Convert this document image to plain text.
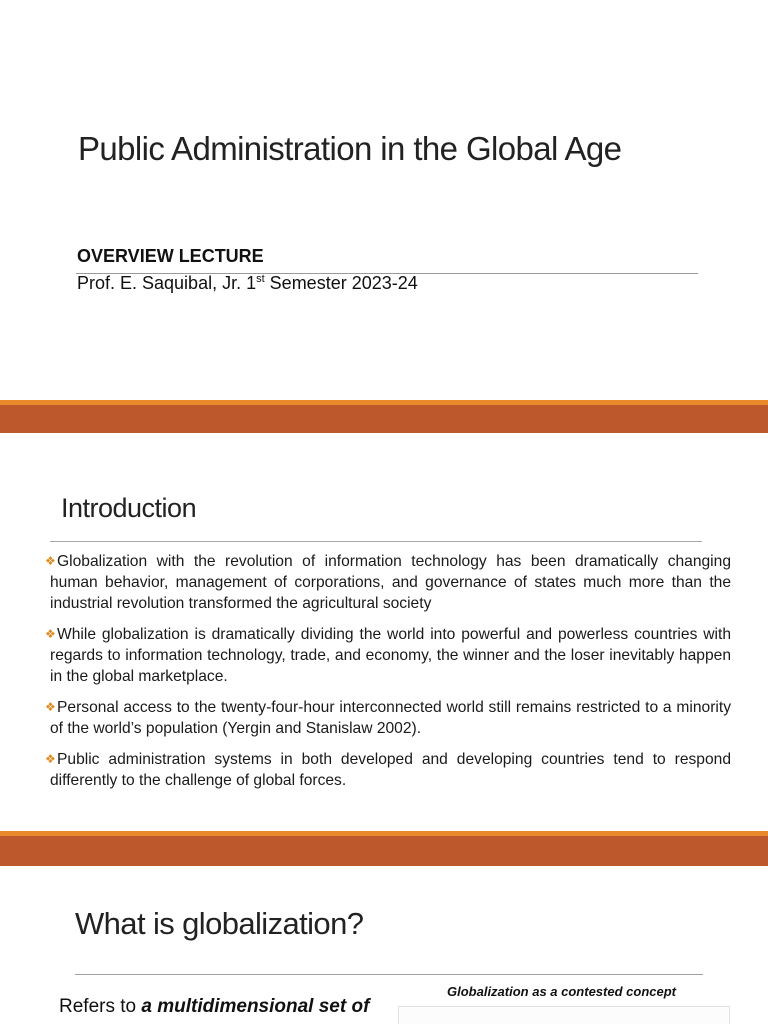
Public Administration in the Global Age
OVERVIEW LECTURE
Prof. E. Saquibal, Jr. 1st Semester 2023-24
Introduction
❖Globalization with the revolution of information technology has been dramatically changing human behavior, management of corporations, and governance of states much more than the industrial revolution transformed the agricultural society
❖While globalization is dramatically dividing the world into powerful and powerless countries with regards to information technology, trade, and economy, the winner and the loser inevitably happen in the global marketplace.
❖Personal access to the twenty-four-hour interconnected world still remains restricted to a minority of the world’s population (Yergin and Stanislaw 2002).
❖Public administration systems in both developed and developing countries tend to respond differently to the challenge of global forces.
What is globalization?
Globalization as a contested concept
Refers to a multidimensional set of
